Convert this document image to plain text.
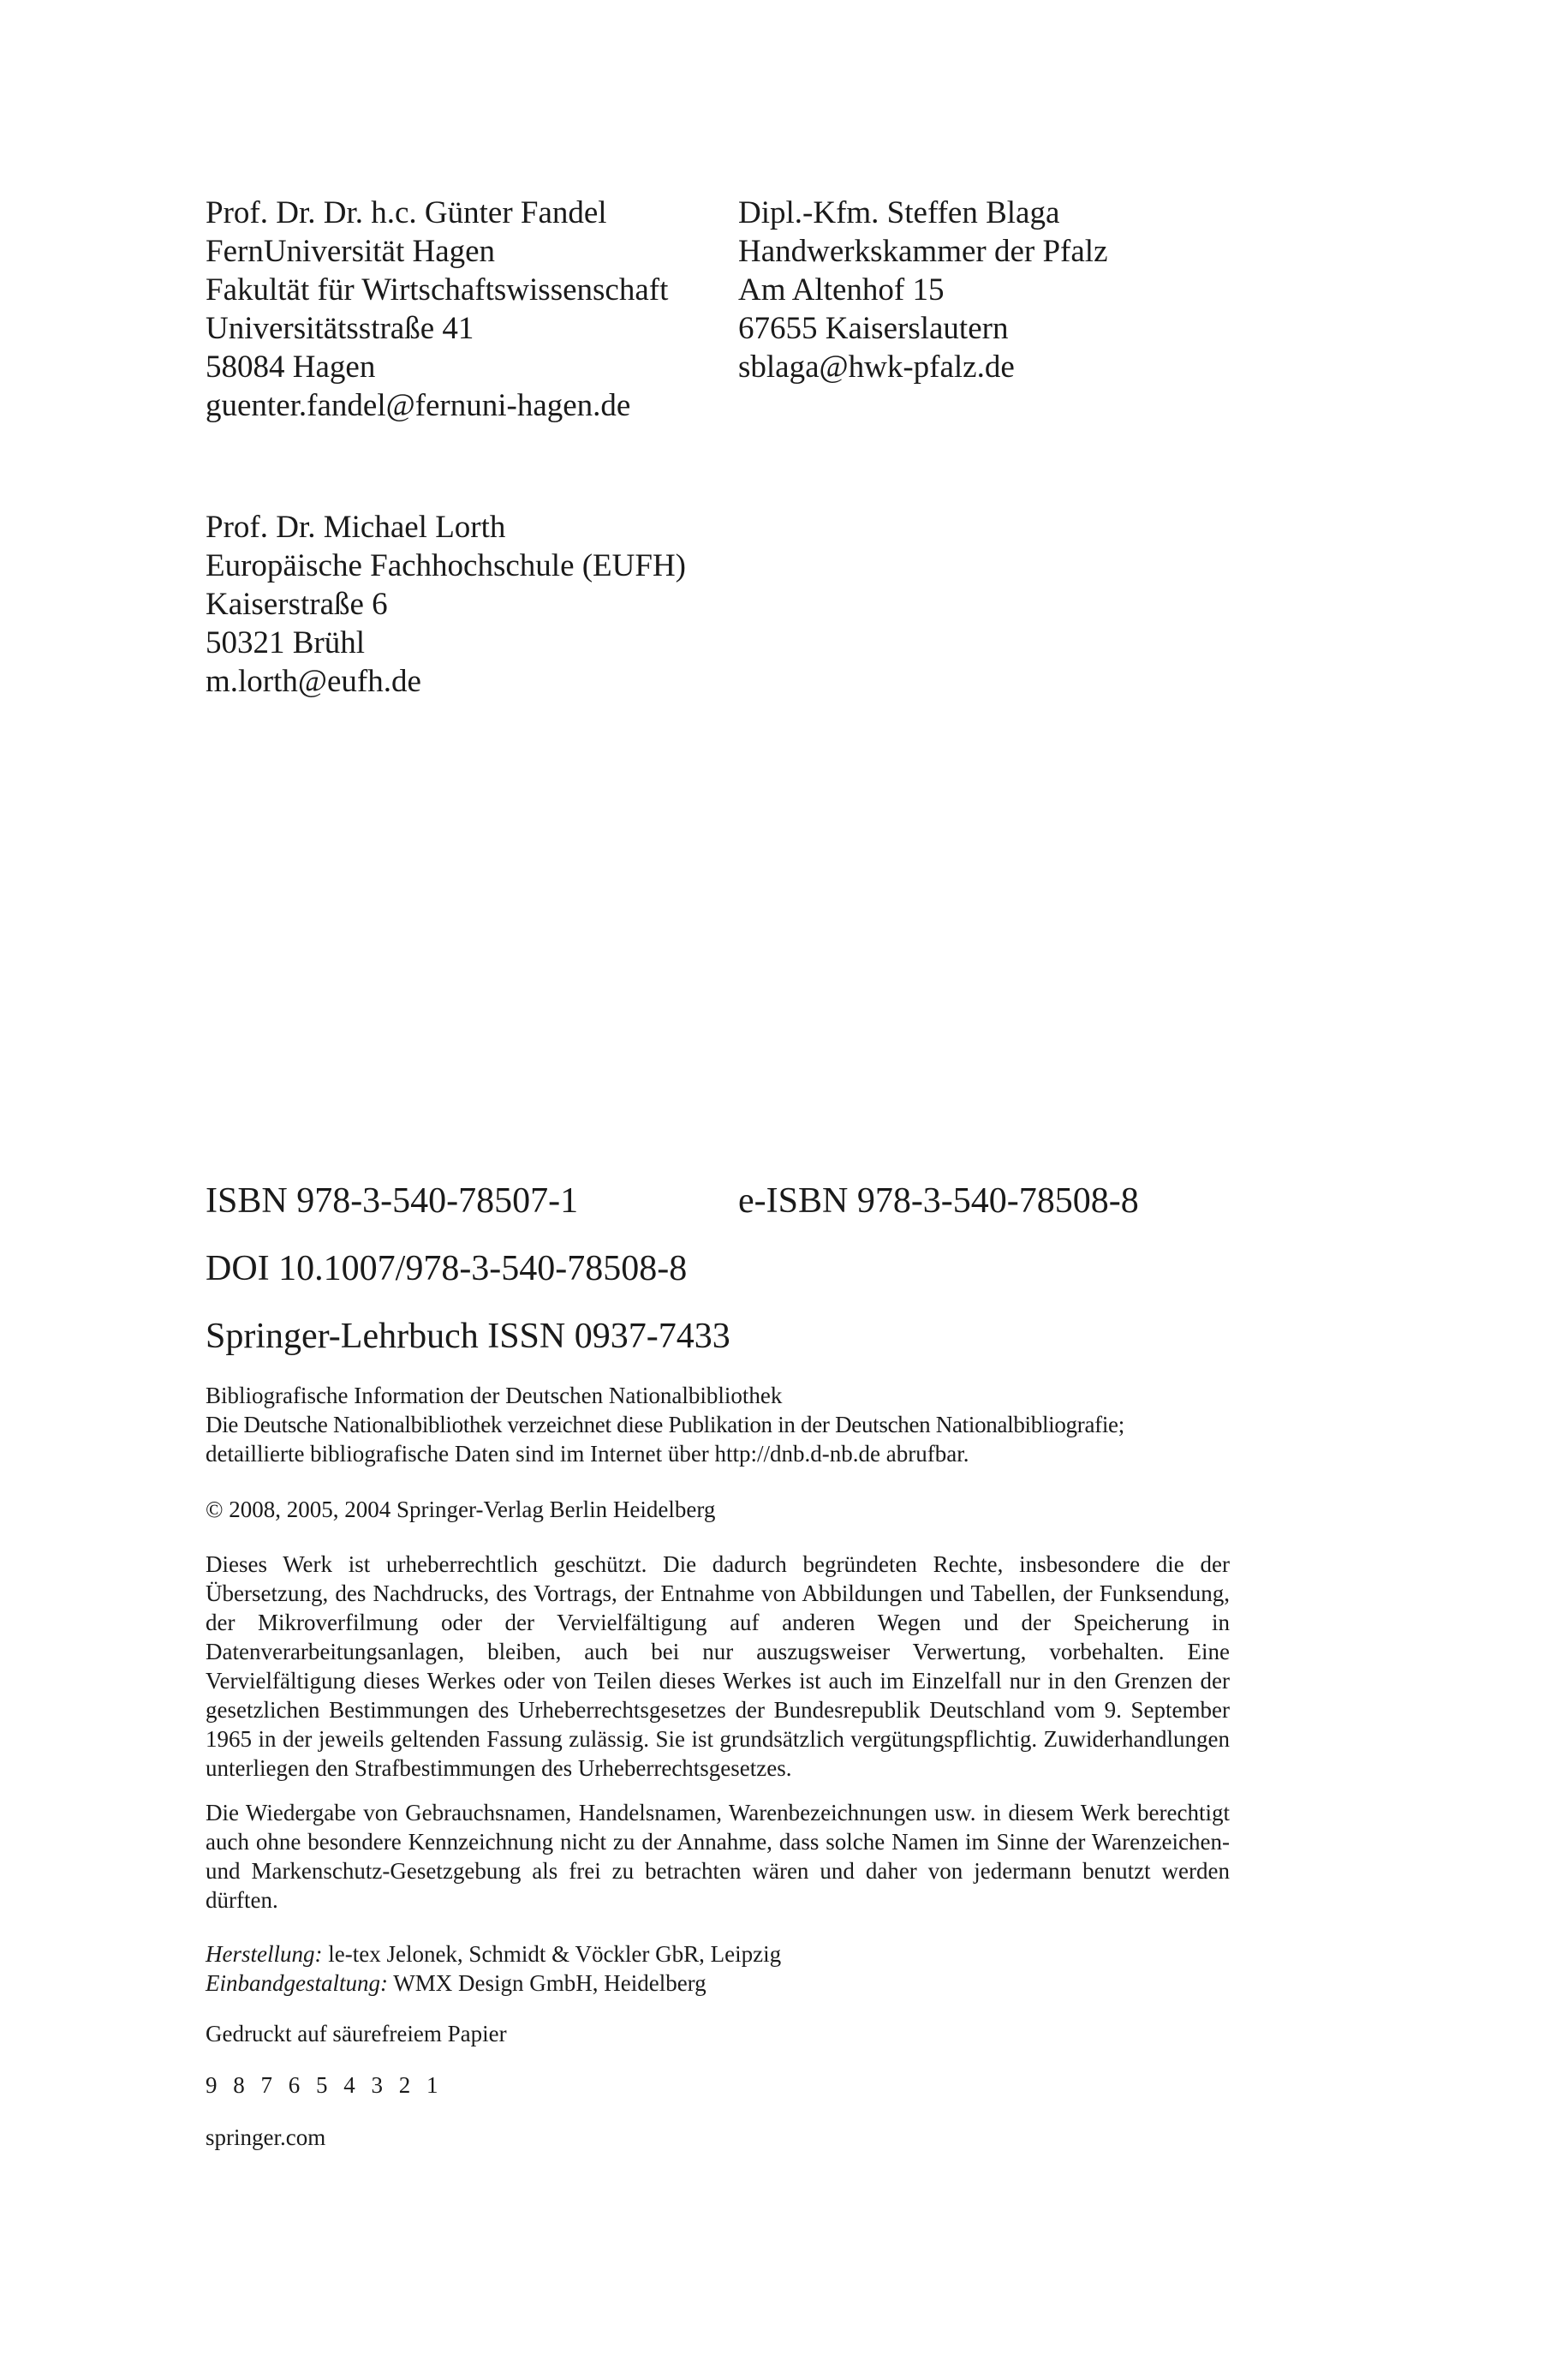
Prof. Dr. Dr. h.c. Günter Fandel
FernUniversität Hagen
Fakultät für Wirtschaftswissenschaft
Universitätsstraße 41
58084 Hagen
guenter.fandel@fernuni-hagen.de
Dipl.-Kfm. Steffen Blaga
Handwerkskammer der Pfalz
Am Altenhof 15
67655 Kaiserslautern
sblaga@hwk-pfalz.de
Prof. Dr. Michael Lorth
Europäische Fachhochschule (EUFH)
Kaiserstraße 6
50321 Brühl
m.lorth@eufh.de
ISBN 978-3-540-78507-1	e-ISBN 978-3-540-78508-8
DOI 10.1007/978-3-540-78508-8
Springer-Lehrbuch ISSN 0937-7433
Bibliografische Information der Deutschen Nationalbibliothek
Die Deutsche Nationalbibliothek verzeichnet diese Publikation in der Deutschen Nationalbibliografie;
detaillierte bibliografische Daten sind im Internet über http://dnb.d-nb.de abrufbar.
© 2008, 2005, 2004 Springer-Verlag Berlin Heidelberg
Dieses Werk ist urheberrechtlich geschützt. Die dadurch begründeten Rechte, insbesondere die der Übersetzung, des Nachdrucks, des Vortrags, der Entnahme von Abbildungen und Tabellen, der Funksendung, der Mikroverfilmung oder der Vervielfältigung auf anderen Wegen und der Speicherung in Datenverarbeitungsanlagen, bleiben, auch bei nur auszugsweiser Verwertung, vorbehalten. Eine Vervielfältigung dieses Werkes oder von Teilen dieses Werkes ist auch im Einzelfall nur in den Grenzen der gesetzlichen Bestimmungen des Urheberrechtsgesetzes der Bundesrepublik Deutschland vom 9. September 1965 in der jeweils geltenden Fassung zulässig. Sie ist grundsätzlich vergütungspflichtig. Zuwiderhandlungen unterliegen den Strafbestimmungen des Urheberrechtsgesetzes.
Die Wiedergabe von Gebrauchsnamen, Handelsnamen, Warenbezeichnungen usw. in diesem Werk berechtigt auch ohne besondere Kennzeichnung nicht zu der Annahme, dass solche Namen im Sinne der Warenzeichen- und Markenschutz-Gesetzgebung als frei zu betrachten wären und daher von jedermann benutzt werden dürften.
Herstellung: le-tex Jelonek, Schmidt & Vöckler GbR, Leipzig
Einbandgestaltung: WMX Design GmbH, Heidelberg
Gedruckt auf säurefreiem Papier
9 8 7 6 5 4 3 2 1
springer.com
